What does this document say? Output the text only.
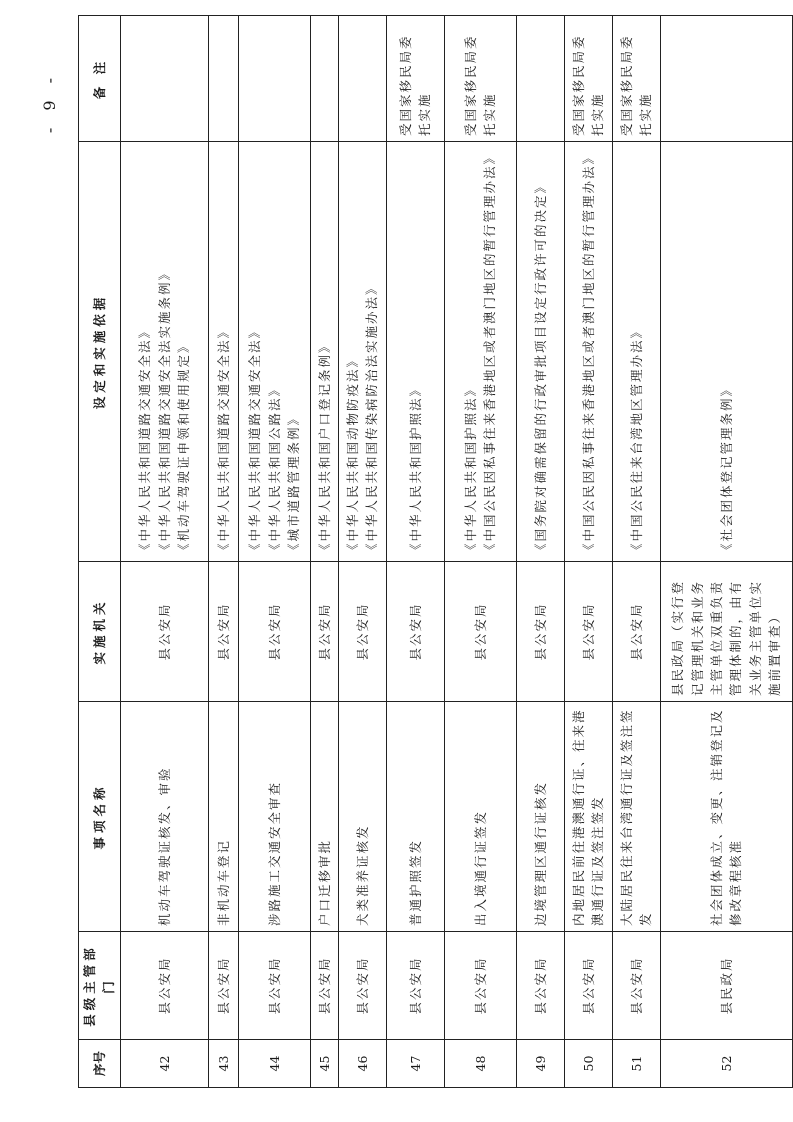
- 9 -
序号	县级主管部门	事项名称	实施机关	设定和实施依据	备 注
42	县公安局	机动车驾驶证核发、审验	县公安局	《中华人民共和国道路交通安全法》 《中华人民共和国道路交通安全法实施条例》 《机动车驾驶证申领和使用规定》	

43	县公安局	非机动车登记	县公安局	《中华人民共和国道路交通安全法》	

44	县公安局	涉路施工交通安全审查	县公安局	《中华人民共和国道路交通安全法》 《中华人民共和国公路法》 《城市道路管理条例》	

45	县公安局	户口迁移审批	县公安局	《中华人民共和国户口登记条例》	

46	县公安局	犬类准养证核发	县公安局	《中华人民共和国动物防疫法》 《中华人民共和国传染病防治法实施办法》	

47	县公安局	普通护照签发	县公安局	《中华人民共和国护照法》	受国家移民局委托实施
48	县公安局	出入境通行证签发	县公安局	《中华人民共和国护照法》 《中国公民因私事往来香港地区或者澳门地区的暂行管理办法》	受国家移民局委托实施
49	县公安局	边境管理区通行证核发	县公安局	《国务院对确需保留的行政审批项目设定行政许可的决定》	

50	县公安局	内地居民前往港澳通行证、往来港澳通行证及签注签发	县公安局	《中国公民因私事往来香港地区或者澳门地区的暂行管理办法》	受国家移民局委托实施
51	县公安局	大陆居民往来台湾通行证及签注签发	县公安局	《中国公民往来台湾地区管理办法》	受国家移民局委托实施
52	县民政局	社会团体成立、变更、注销登记及修改章程核准	县民政局（实行登记管理机关和业务主管单位双重负责管理体制的，由有关业务主管单位实施前置审查）	《社会团体登记管理条例》	
